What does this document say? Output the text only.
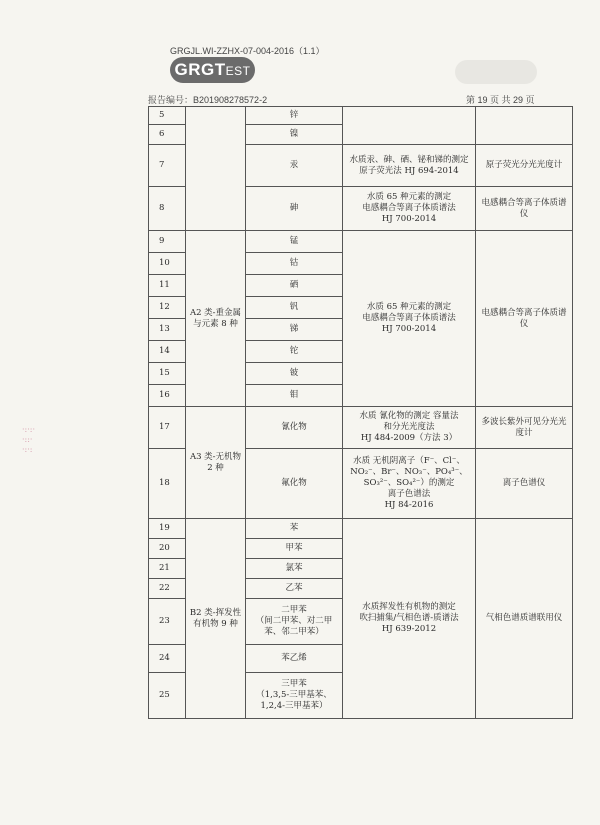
GRGJL.WI-ZZHX-07-004-2016（1.1）
GRGTEST
报告编号：B201908278572-2	第 19 页 共 29 页
5		锌		
6		镍		
7		汞	水质汞、砷、硒、铋和锑的测定
原子荧光法 HJ 694-2014	原子荧光分光光度计
8		砷	水质 65 种元素的测定
电感耦合等离子体质谱法
HJ 700-2014	电感耦合等离子体质谱仪
9	A2 类-重金属与元素 8 种	锰	水质 65 种元素的测定
电感耦合等离子体质谱法
HJ 700-2014	电感耦合等离子体质谱仪
10		钴		
11		硒		
12		钒		
13		锑		
14		铊		
15		铍		
16		钼		
17	A3 类-无机物 2 种	氰化物	水质 氰化物的测定 容量法
和分光光度法
HJ 484-2009（方法 3）	多波长紫外可见分光光度计
18		氟化物	水质 无机阴离子（F⁻、Cl⁻、NO₂⁻、Br⁻、NO₃⁻、PO₄³⁻、SO₃²⁻、SO₄²⁻）的测定
离子色谱法
HJ 84-2016	离子色谱仪
19	B2 类-挥发性有机物 9 种	苯	水质挥发性有机物的测定
吹扫捕集/气相色谱-质谱法
HJ 639-2012	气相色谱质谱联用仪
20		甲苯		
21		氯苯		
22		乙苯		
23		二甲苯
（间二甲苯、对二甲苯、邻二甲苯）		
24		苯乙烯		
25		三甲苯
（1,3,5-三甲基苯、1,2,4-三甲基苯）		
·:·:·
·::·
·:·:
